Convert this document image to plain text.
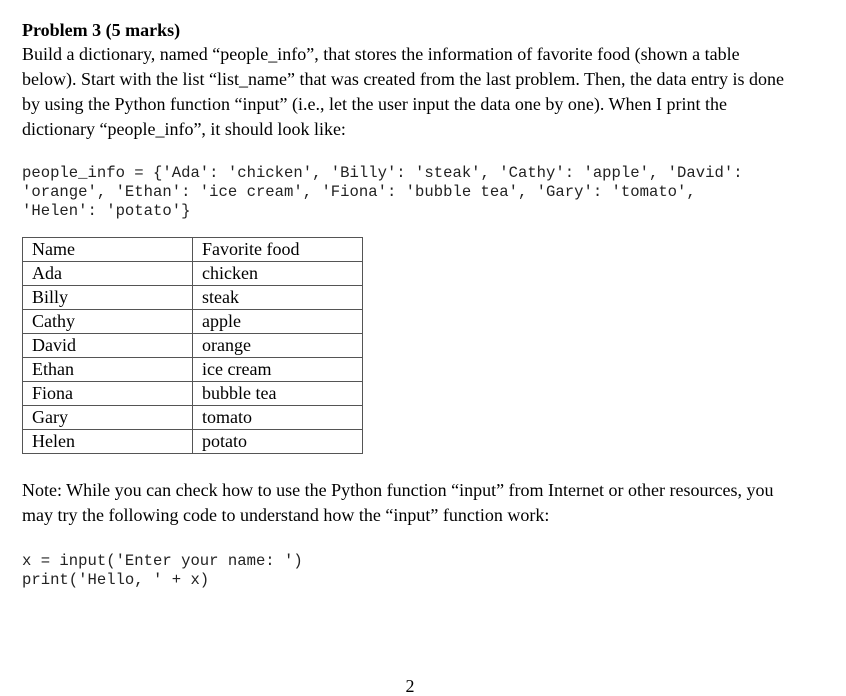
Problem 3 (5 marks)

Build a dictionary, named “people_info”, that stores the information of favorite food (shown a table below). Start with the list “list_name” that was created from the last problem. Then, the data entry is done by using the Python function “input” (i.e., let the user input the data one by one). When I print the dictionary “people_info”, it should look like:

people_info = {'Ada': 'chicken', 'Billy': 'steak', 'Cathy': 'apple', 'David':
'orange', 'Ethan': 'ice cream', 'Fiona': 'bubble tea', 'Gary': 'tomato',
'Helen': 'potato'}
Name	Favorite food
Ada	chicken
Billy	steak
Cathy	apple
David	orange
Ethan	ice cream
Fiona	bubble tea
Gary	tomato
Helen	potato

Note: While you can check how to use the Python function “input” from Internet or other resources, you may try the following code to understand how the “input” function work:

x = input('Enter your name: ')
print('Hello, ' + x)
2
